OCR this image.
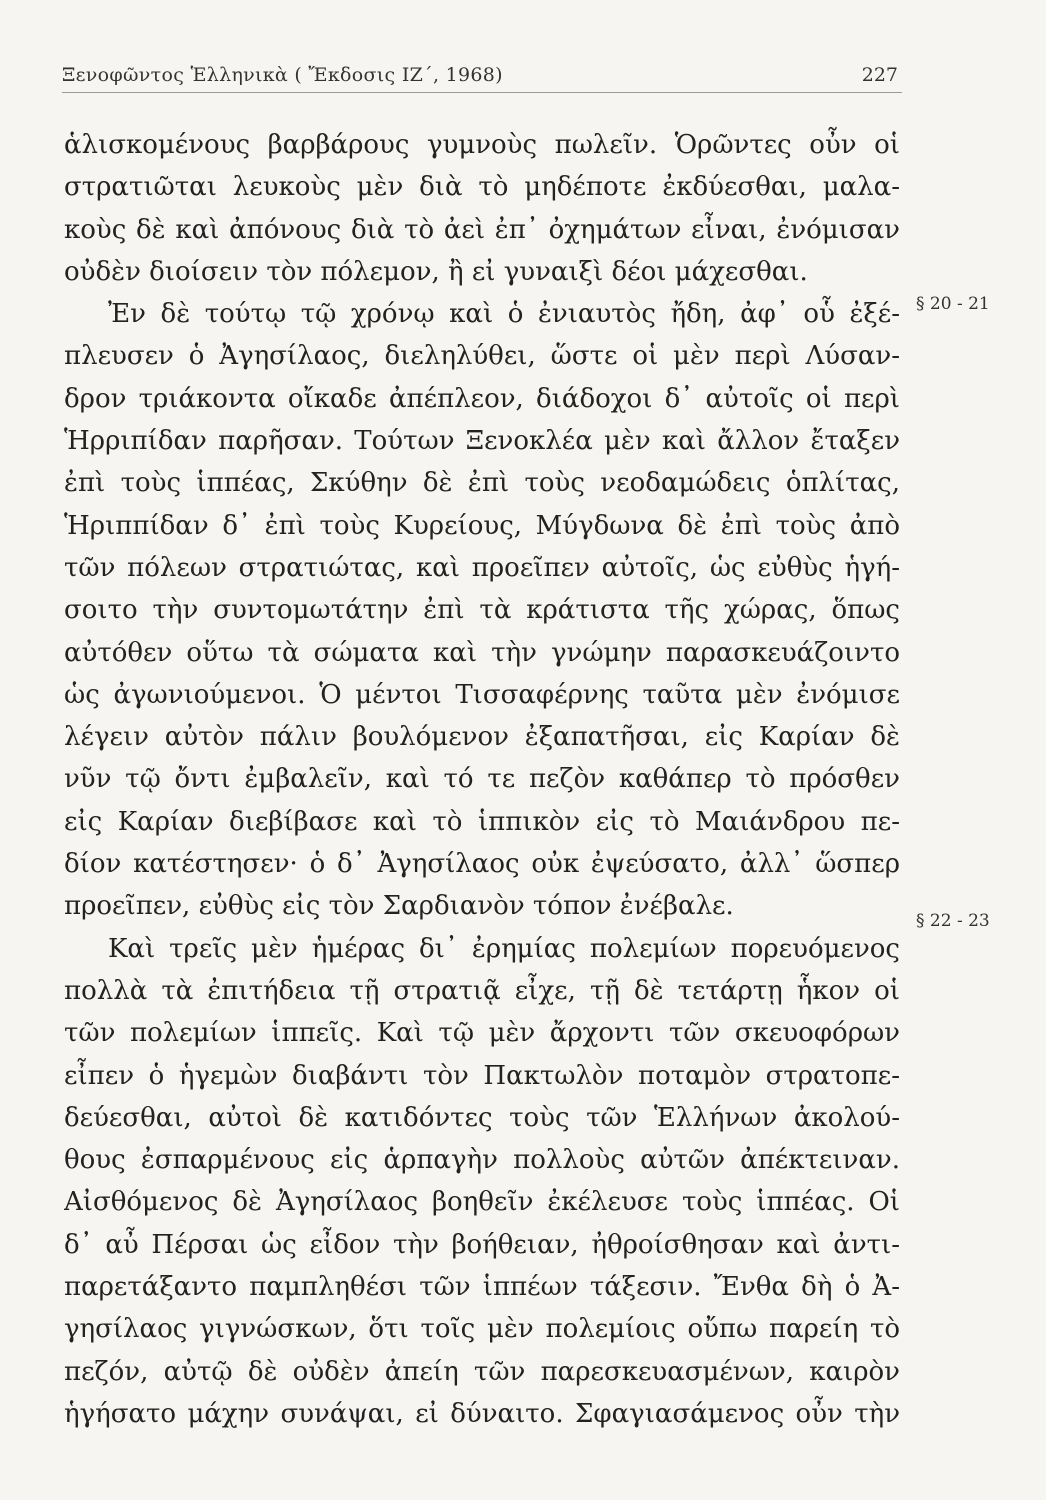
Ξενοφῶντος Ἑλληνικὰ ( Ἔκδοσις ΙΖ΄, 1968)	227
ἁλισκομένους βαρβάρους γυμνοὺς πωλεῖν. Ὁρῶντες οὖν οἱ
στρατιῶται λευκοὺς μὲν διὰ τὸ μηδέποτε ἐκδύεσθαι, μαλα-
κοὺς δὲ καὶ ἀπόνους διὰ τὸ ἀεὶ ἐπ᾽ ὀχημάτων εἶναι, ἐνόμισαν
οὐδὲν διοίσειν τὸν πόλεμον, ἢ εἰ γυναιξὶ δέοι μάχεσθαι.
Ἐν δὲ τούτῳ τῷ χρόνῳ καὶ ὁ ἐνιαυτὸς ἤδη, ἀφ᾽ οὗ ἐξέ-
πλευσεν ὁ Ἀγησίλαος, διεληλύθει, ὥστε οἱ μὲν περὶ Λύσαν-
δρον τριάκοντα οἴκαδε ἀπέπλεον, διάδοχοι δ᾽ αὐτοῖς οἱ περὶ
Ἡρριπίδαν παρῆσαν. Τούτων Ξενοκλέα μὲν καὶ ἄλλον ἔταξεν
ἐπὶ τοὺς ἱππέας, Σκύθην δὲ ἐπὶ τοὺς νεοδαμώδεις ὁπλίτας,
Ἡριππίδαν δ᾽ ἐπὶ τοὺς Κυρείους, Μύγδωνα δὲ ἐπὶ τοὺς ἀπὸ
τῶν πόλεων στρατιώτας, καὶ προεῖπεν αὐτοῖς, ὡς εὐθὺς ἡγή-
σοιτο τὴν συντομωτάτην ἐπὶ τὰ κράτιστα τῆς χώρας, ὅπως
αὐτόθεν οὕτω τὰ σώματα καὶ τὴν γνώμην παρασκευάζοιντο
ὡς ἀγωνιούμενοι. Ὁ μέντοι Τισσαφέρνης ταῦτα μὲν ἐνόμισε
λέγειν αὐτὸν πάλιν βουλόμενον ἐξαπατῆσαι, εἰς Καρίαν δὲ
νῦν τῷ ὄντι ἐμβαλεῖν, καὶ τό τε πεζὸν καθάπερ τὸ πρόσθεν
εἰς Καρίαν διεβίβασε καὶ τὸ ἱππικὸν εἰς τὸ Μαιάνδρου πε-
δίον κατέστησεν· ὁ δ᾽ Ἀγησίλαος οὐκ ἐψεύσατο, ἀλλ᾽ ὥσπερ
προεῖπεν, εὐθὺς εἰς τὸν Σαρδιανὸν τόπον ἐνέβαλε.
Καὶ τρεῖς μὲν ἡμέρας δι᾽ ἐρημίας πολεμίων πορευόμενος
πολλὰ τὰ ἐπιτήδεια τῇ στρατιᾷ εἶχε, τῇ δὲ τετάρτῃ ἧκον οἱ
τῶν πολεμίων ἱππεῖς. Καὶ τῷ μὲν ἄρχοντι τῶν σκευοφόρων
εἶπεν ὁ ἡγεμὼν διαβάντι τὸν Πακτωλὸν ποταμὸν στρατοπε-
δεύεσθαι, αὐτοὶ δὲ κατιδόντες τοὺς τῶν Ἑλλήνων ἀκολού-
θους ἐσπαρμένους εἰς ἁρπαγὴν πολλοὺς αὐτῶν ἀπέκτειναν.
Αἰσθόμενος δὲ Ἀγησίλαος βοηθεῖν ἐκέλευσε τοὺς ἱππέας. Οἱ
δ᾽ αὖ Πέρσαι ὡς εἶδον τὴν βοήθειαν, ἠθροίσθησαν καὶ ἀντι-
παρετάξαντο παμπληθέσι τῶν ἱππέων τάξεσιν. Ἔνθα δὴ ὁ Ἀ-
γησίλαος γιγνώσκων, ὅτι τοῖς μὲν πολεμίοις οὔπω παρείη τὸ
πεζόν, αὐτῷ δὲ οὐδὲν ἀπείη τῶν παρεσκευασμένων, καιρὸν
ἡγήσατο μάχην συνάψαι, εἰ δύναιτο. Σφαγιασάμενος οὖν τὴν
§ 20 - 21
§ 22 - 23
